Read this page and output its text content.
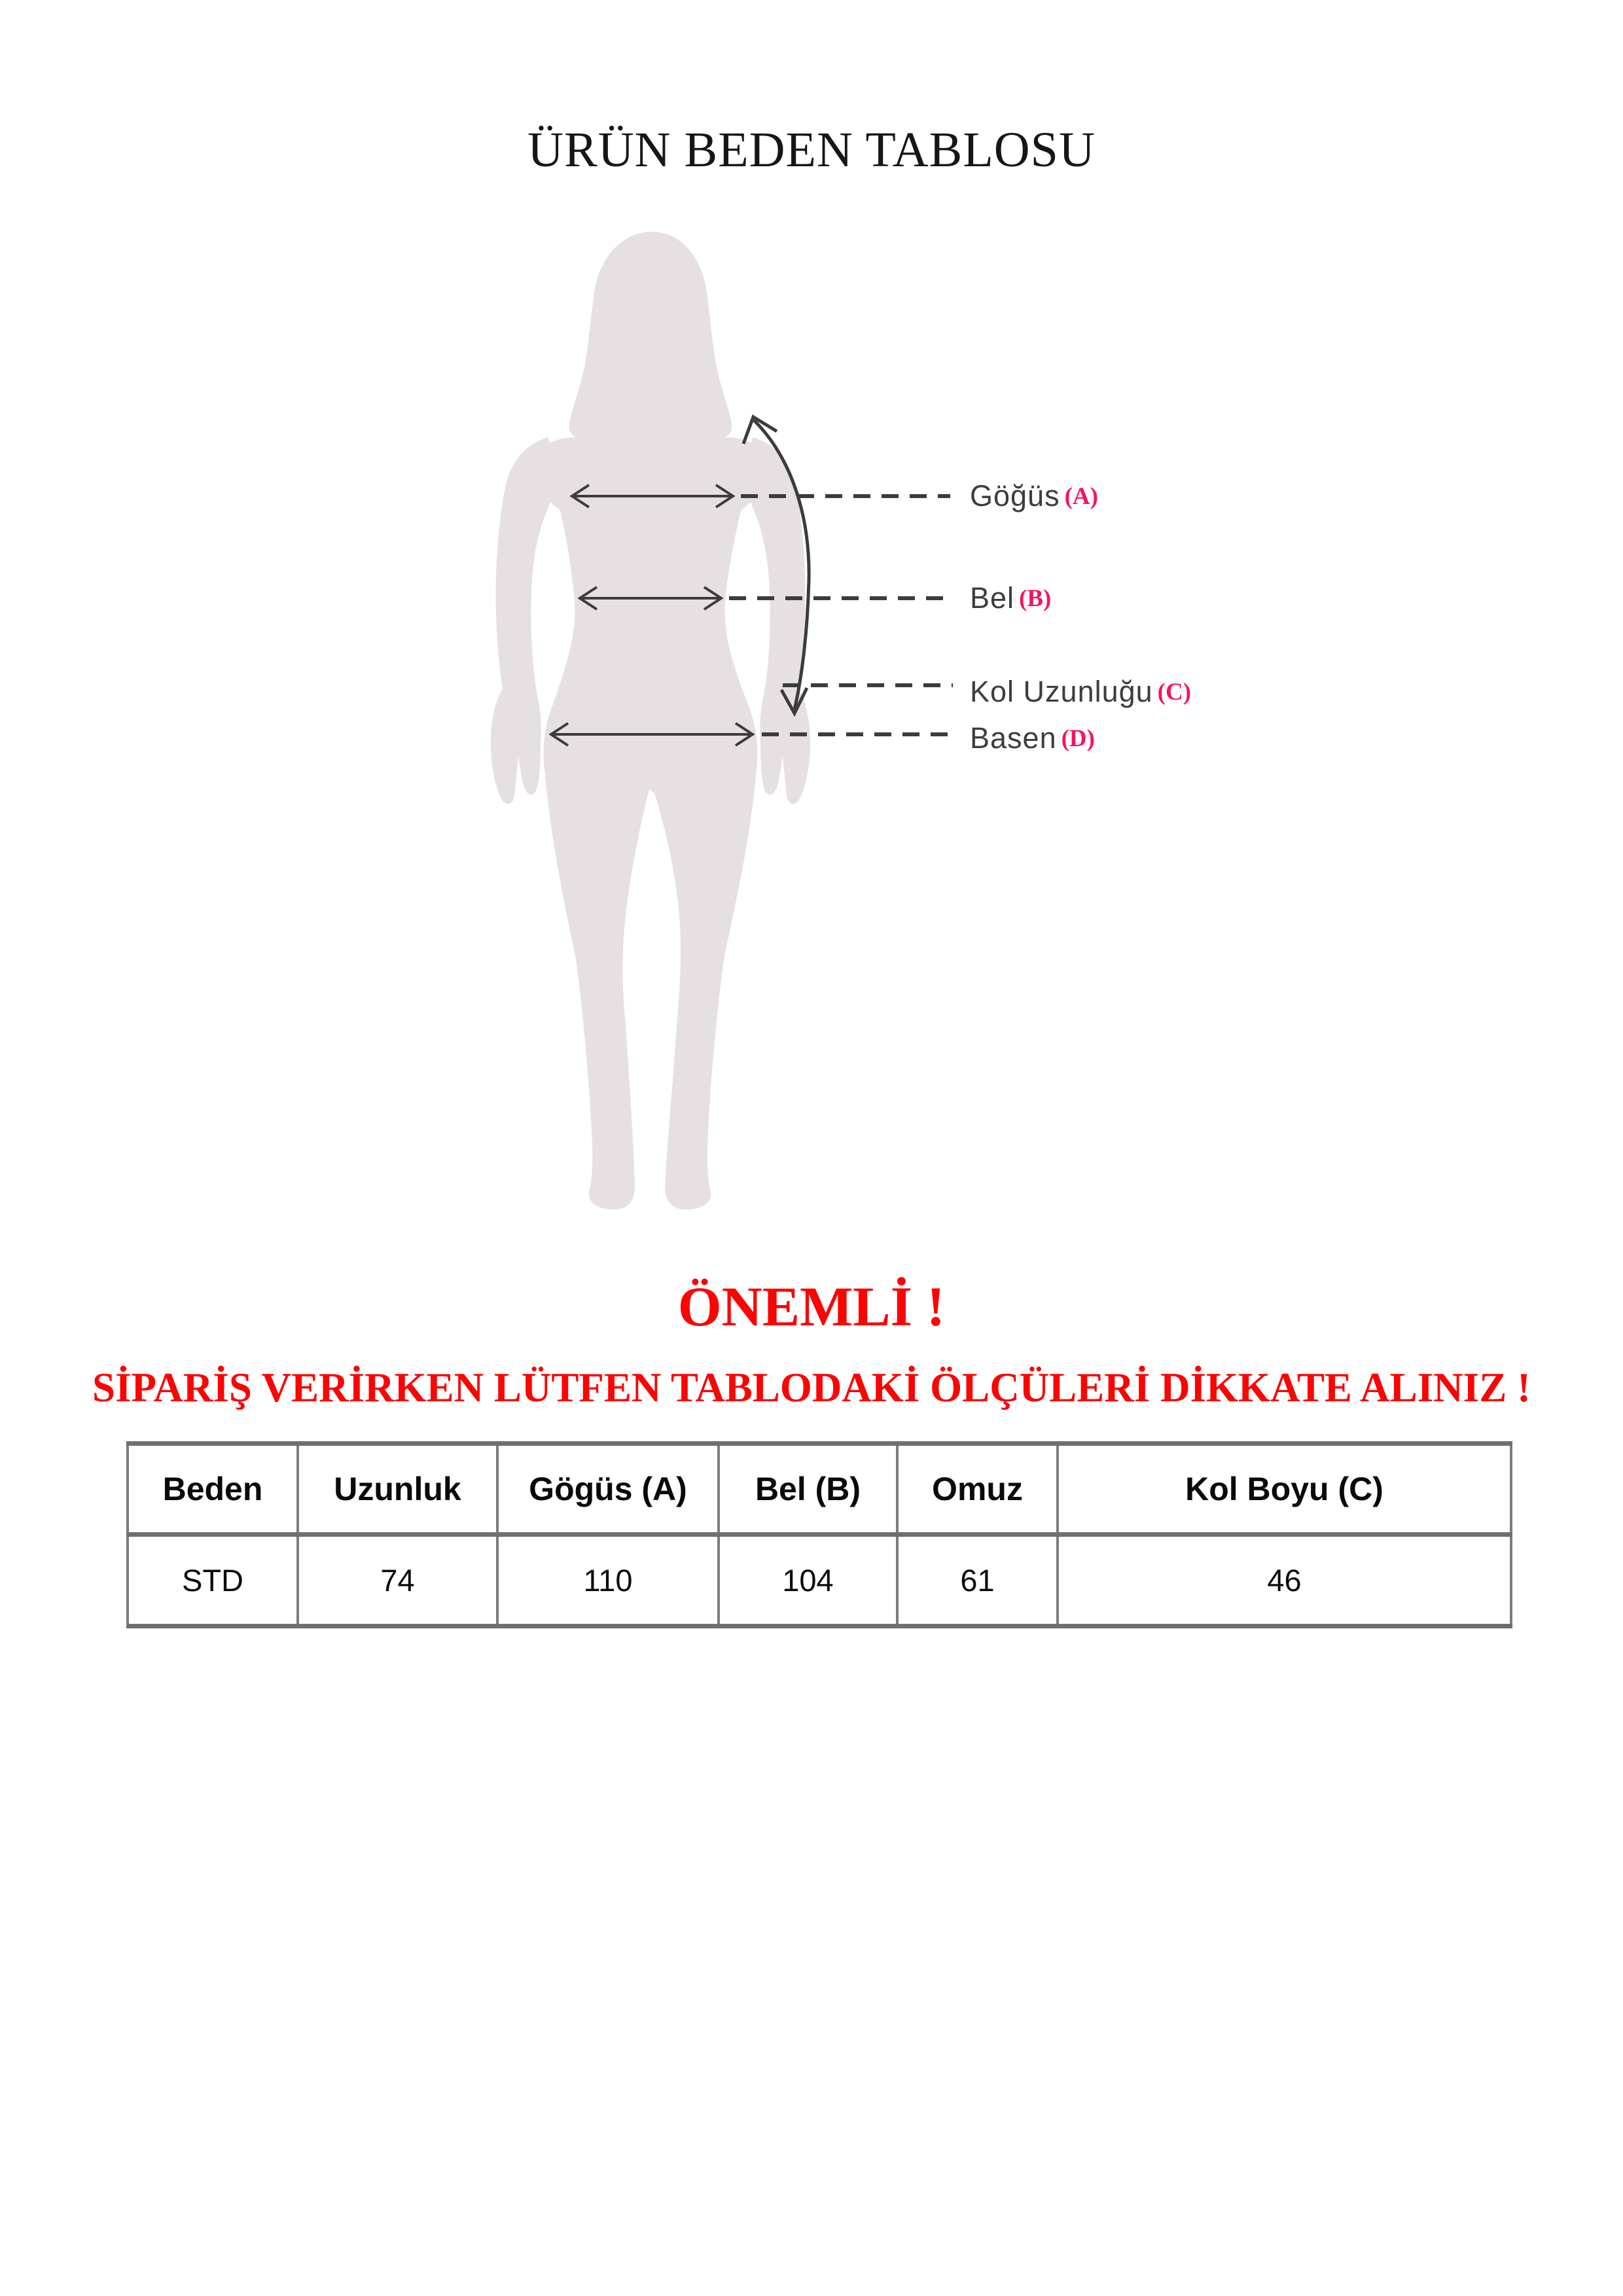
ÜRÜN BEDEN TABLOSU
Göğüs (A)
Bel (B)
Kol Uzunluğu (C)
Basen (D)
ÖNEMLİ !
SİPARİŞ VERİRKEN LÜTFEN TABLODAKİ ÖLÇÜLERİ DİKKATE ALINIZ !
Beden	Uzunluk	Gögüs (A)	Bel (B)	Omuz	Kol Boyu (C)
STD	74	110	104	61	46
